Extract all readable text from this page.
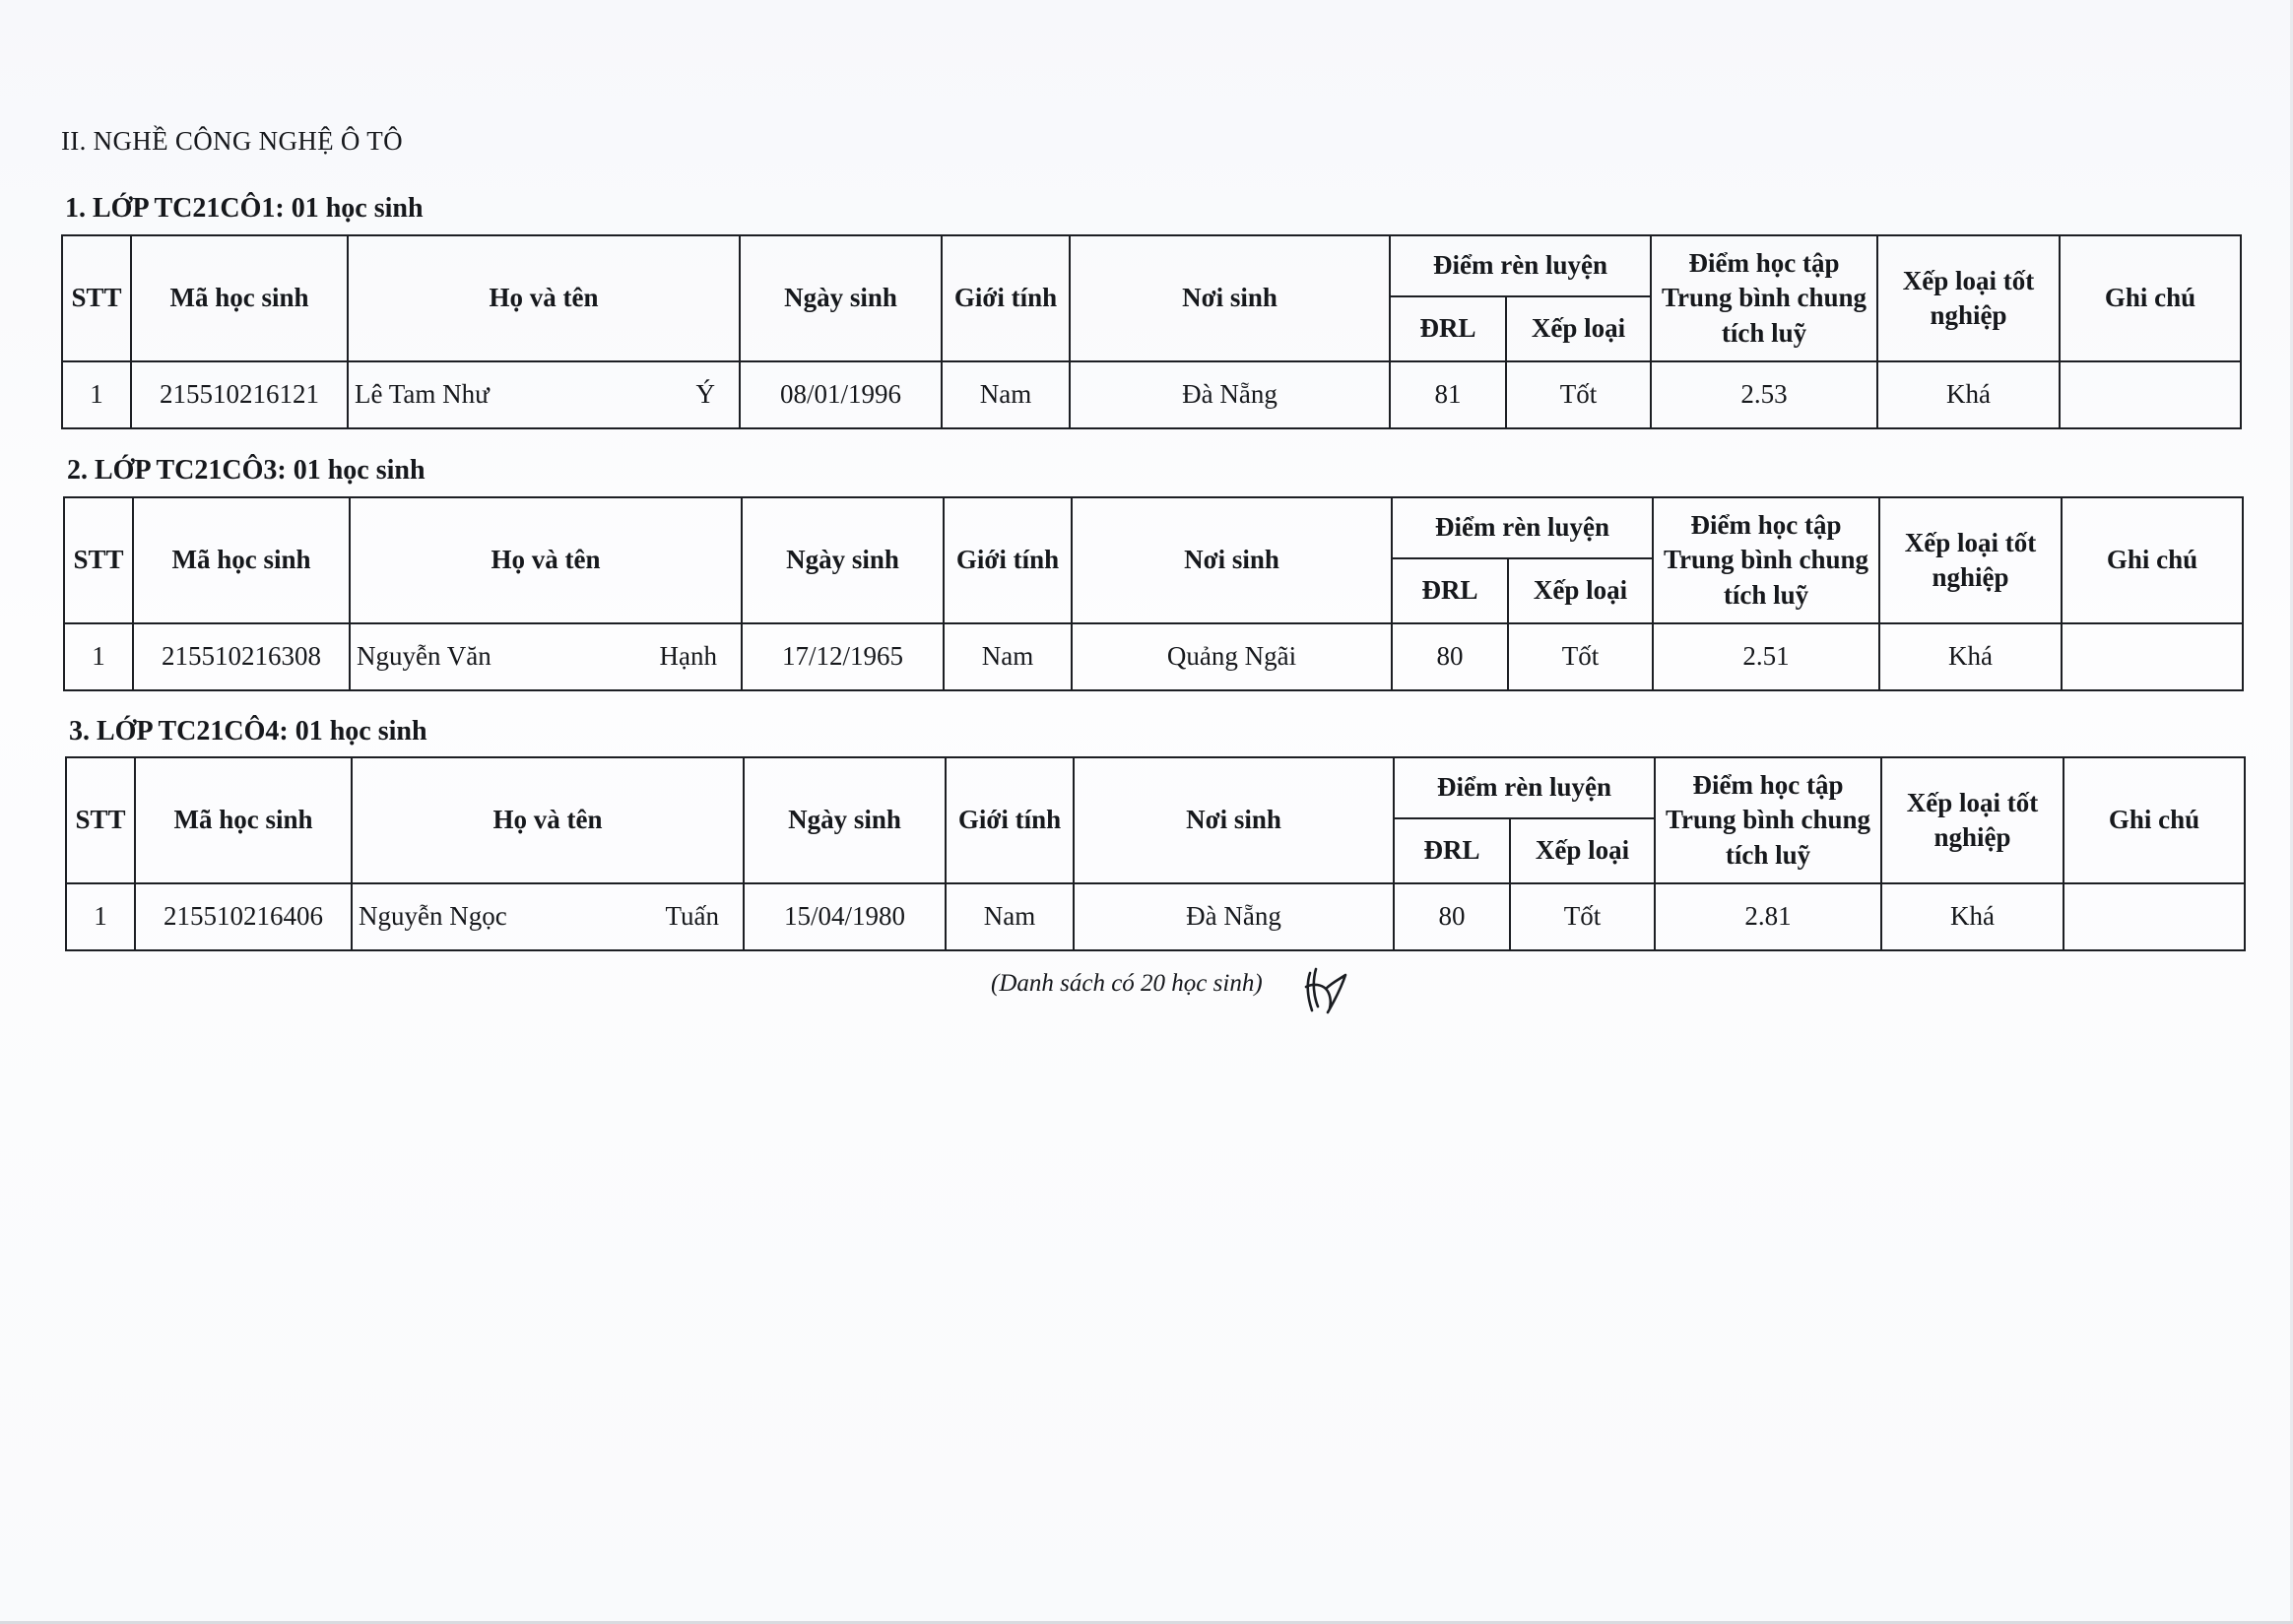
II. NGHỀ CÔNG NGHỆ Ô TÔ
1. LỚP TC21CÔ1: 01 học sinh
STT	Mã học sinh	Họ và tên	Ngày sinh	Giới tính	Nơi sinh	Điểm rèn luyện		Điểm học tập Trung bình chung tích luỹ	Xếp loại tốt nghiệp	Ghi chú
						ĐRL	Xếp loại			
1	215510216121	Lê Tam Như Ý	08/01/1996	Nam	Đà Nẵng	81	Tốt	2.53	Khá	
2. LỚP TC21CÔ3: 01 học sinh
STT	Mã học sinh	Họ và tên	Ngày sinh	Giới tính	Nơi sinh	Điểm rèn luyện		Điểm học tập Trung bình chung tích luỹ	Xếp loại tốt nghiệp	Ghi chú
						ĐRL	Xếp loại			
1	215510216308	Nguyễn Văn Hạnh	17/12/1965	Nam	Quảng Ngãi	80	Tốt	2.51	Khá	
3. LỚP TC21CÔ4: 01 học sinh
STT	Mã học sinh	Họ và tên	Ngày sinh	Giới tính	Nơi sinh	Điểm rèn luyện		Điểm học tập Trung bình chung tích luỹ	Xếp loại tốt nghiệp	Ghi chú
						ĐRL	Xếp loại			
1	215510216406	Nguyễn Ngọc Tuấn	15/04/1980	Nam	Đà Nẵng	80	Tốt	2.81	Khá	
(Danh sách có 20 học sinh)
